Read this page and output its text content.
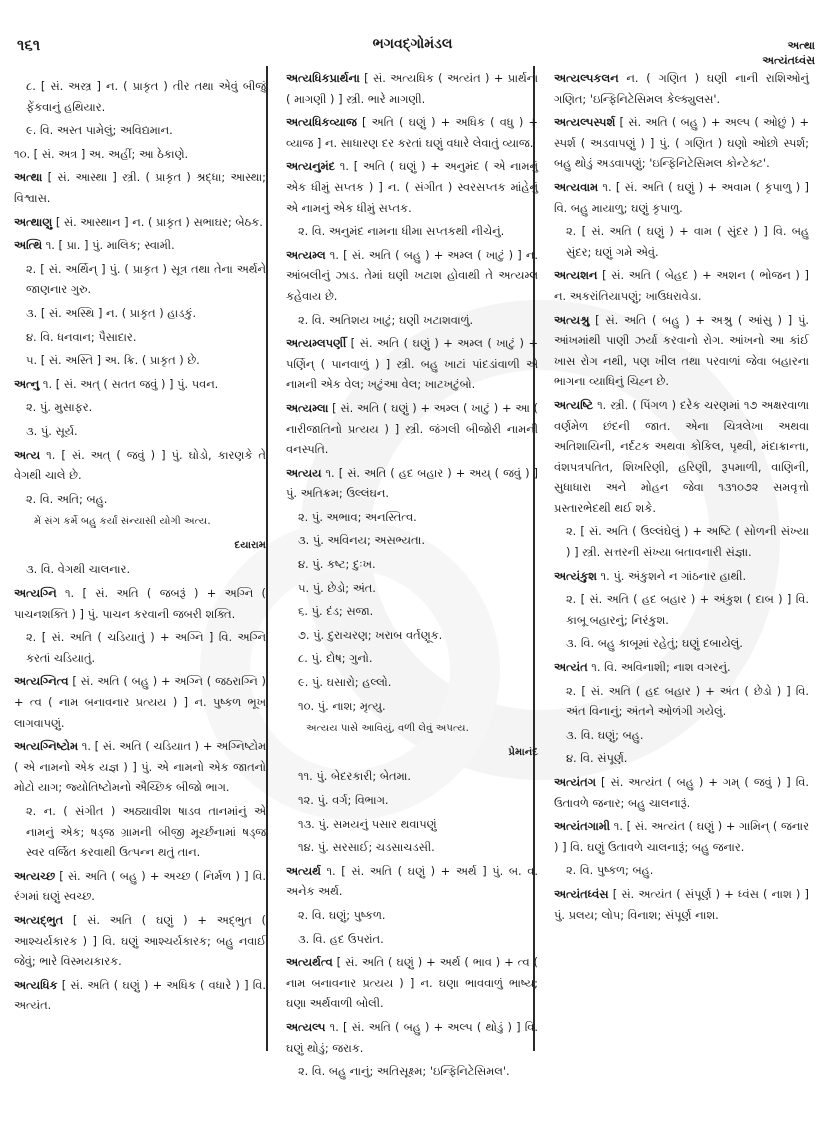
૧૬૧	ભગવદ્ગોમંડલ	અત્થા
અત્યંતધ્વંસ
૮. [ સં. અસ્ત્ર ] ન. ( પ્રાકૃત ) તીર તથા એવું બીજું ફેંકવાનું હથિયાર.
૯. વિ. અસ્ત પામેલું; અવિદ્યમાન.
૧૦. [ સં. અત્ર ] અ. અહીં; આ ઠેકાણે.
અત્થા [ સં. આસ્થા ] સ્ત્રી. ( પ્રાકૃત ) શ્રદ્ધા; આસ્થા; વિશ્વાસ.
અત્થાણુ [ સં. આસ્થાન ] ન. ( પ્રાકૃત ) સભાઘર; બેઠક.
અત્થિ ૧. [ પ્રા. ] પું. માલિક; સ્વામી.
૨. [ સં. અર્થિન્ ] પું. ( પ્રાકૃત ) સૂત્ર તથા તેના અર્થને જાણનાર ગુરુ.
૩. [ સં. અસ્થિ ] ન. ( પ્રાકૃત ) હાડકું.
૪. વિ. ધનવાન; પૈસાદાર.
૫. [ સં. અસ્તિ ] અ. ક્રિ. ( પ્રાકૃત ) છે.
અત્નુ ૧. [ સં. અત્ ( સતત જવું ) ] પું. પવન.
૨. પું. મુસાફર.
૩. પું. સૂર્ય.
અત્ય ૧. [ સં. અત્ ( જવું ) ] પું. ઘોડો, કારણકે તે વેગથી ચાલે છે.
૨. વિ. અતિ; બહુ.
મેં સંગ કર્મે બહુ કર્યાં સંન્યાસી યોગી અત્ય.
દયારામ
૩. વિ. વેગથી ચાલનાર.
અત્યગ્નિ ૧. [ સં. અતિ ( જબરૂં ) + અગ્નિ ( પાચનશક્તિ ) ] પું. પાચન કરવાની જબરી શક્તિ.
૨. [ સં. અતિ ( ચડિયાતું ) + અગ્નિ ] વિ. અગ્નિ કરતાં ચડિયાતું.
અત્યગ્નિત્વ [ સં. અતિ ( બહુ ) + અગ્નિ ( જઠરાગ્નિ ) + ત્વ ( નામ બનાવનાર પ્રત્યય ) ] ન. પુષ્કળ ભૂખ લાગવાપણું.
અત્યગ્નિષ્ટોમ ૧. [ સં. અતિ ( ચડિયાત ) + અગ્નિષ્ટોમ ( એ નામનો એક યજ્ઞ ) ] પું. એ નામનો એક જાતનો મોટો યાગ; જ્યોતિષ્ટોમનો ઐચ્છિક બીજો ભાગ.
૨. ન. ( સંગીત ) અઠ્યાવીશ ષાડવ તાનમાંનું એ નામનું એક; ષડ્જ ગ્રામની બીજી મૂર્ચ્છનામાં ષડ્જ સ્વર વર્જિત કરવાથી ઉત્પન્ન થતું તાન.
અત્યચ્છ [ સં. અતિ ( બહુ ) + અચ્છ ( નિર્મળ ) ] વિ. રંગમાં ઘણું સ્વચ્છ.
અત્યદ્ભુત [ સં. અતિ ( ઘણું ) + અદ્ભુત ( આશ્ચર્યકારક ) ] વિ. ઘણું આશ્ચર્યકારક; બહુ નવાઈ જેવું; ભારે વિસ્મયકારક.
અત્યધિક [ સં. અતિ ( ઘણું ) + અધિક ( વધારે ) ] વિ. અત્યંત.
અત્યધિકપ્રાર્થના [ સં. અત્યધિક ( અત્યંત ) + પ્રાર્થના ( માગણી ) ] સ્ત્રી. ભારે માગણી.
અત્યધિકવ્યાજ [ અતિ ( ઘણું ) + અધિક ( વધુ ) + વ્યાજ ] ન. સાધારણ દર કરતાં ઘણું વધારે લેવાતું વ્યાજ.
અત્યનુમંદ ૧. [ અતિ ( ઘણું ) + અનુમંદ ( એ નામનું એક ધીમું સપ્તક ) ] ન. ( સંગીત ) સ્વરસપ્તક માંહેનું એ નામનું એક ધીમું સપ્તક.
૨. વિ. અનુમંદ નામના ધીમા સપ્તકથી નીચેનું.
અત્યમ્લ ૧. [ સં. અતિ ( બહુ ) + અમ્લ ( ખાટું ) ] ન. આંબલીનું ઝાડ. તેમાં ઘણી ખટાશ હોવાથી તે અત્યમ્લ કહેવાય છે.
૨. વિ. અતિશય ખાટું; ઘણી ખટાશવાળું.
અત્યમ્લપર્ણી [ સં. અતિ ( ઘણું ) + અમ્લ ( ખાટું ) + પર્ણિન્ ( પાનવાળું ) ] સ્ત્રી. બહુ ખાટાં પાંદડાંવાળી એ નામની એક વેલ; ખટુંઆ વેલ; ખાટખટુંબો.
અત્યમ્લા [ સં. અતિ ( ઘણું ) + અમ્લ ( ખાટું ) + આ ( નારીજાતિનો પ્રત્યય ) ] સ્ત્રી. જંગલી બીજોરી નામની વનસ્પતિ.
અત્યય ૧. [ સં. અતિ ( હદ બહાર ) + અય્ ( જવું ) ] પું. અતિક્રમ; ઉલ્લંઘન.
૨. પું. અભાવ; અનસ્તિત્વ.
૩. પું. અવિનય; અસભ્યતા.
૪. પું. કષ્ટ; દુઃખ.
૫. પું. છેડો; અંત.
૬. પું. દંડ; સજા.
૭. પું. દુરાચરણ; ખરાબ વર્તણૂક.
૮. પું. દોષ; ગુનો.
૯. પું. ઘસારો; હલ્લો.
૧૦. પું. નાશ; મૃત્યુ.
અત્યય પાસે આવિયું, વળી લેવું અપત્ય.
પ્રેમાનંદ
૧૧. પું. બેદરકારી; બેતમા.
૧૨. પું. વર્ગ; વિભાગ.
૧૩. પું. સમયનું પસાર થવાપણું
૧૪. પું. સરસાઈ; ચડસાચડસી.
અત્યર્થ ૧. [ સં. અતિ ( ઘણું ) + અર્થ ] પું. બ. વ. અનેક અર્થ.
૨. વિ. ઘણું; પુષ્કળ.
૩. વિ. હદ ઉપરાંત.
અત્યર્થત્વ [ સં. અતિ ( ઘણું ) + અર્થ ( ભાવ ) + ત્વ ( નામ બનાવનાર પ્રત્યય ) ] ન. ઘણા ભાવવાળું ભાષ્ય; ઘણા અર્થવાળી બોલી.
અત્યલ્પ ૧. [ સં. અતિ ( બહુ ) + અલ્પ ( થોડું ) ] વિ. ઘણું થોડું; જરાક.
૨. વિ. બહુ નાનું; અતિસૂક્ષ્મ; 'ઇન્ફિનિટેસિમલ'.
અત્યલ્પકલન ન. ( ગણિત ) ઘણી નાની રાશિઓનું ગણિત; 'ઇન્ફિનિટેસિમલ કેલ્ક્યુલસ'.
અત્યલ્પસ્પર્શ [ સં. અતિ ( બહુ ) + અલ્પ ( ઓછું ) + સ્પર્શ ( અડવાપણું ) ] પું. ( ગણિત ) ઘણો ઓછો સ્પર્શ; બહુ થોડું અડવાપણું; 'ઇન્ફિનિટેસિમલ કોન્ટેક્ટ'.
અત્યવામ ૧. [ સં. અતિ ( ઘણું ) + અવામ ( કૃપાળુ ) ] વિ. બહુ માયાળુ; ઘણું કૃપાળુ.
૨. [ સં. અતિ ( ઘણું ) + વામ ( સુંદર ) ] વિ. બહુ સુંદર; ઘણું ગમે એવું.
અત્યશન [ સં. અતિ ( બેહદ ) + અશન ( ભોજન ) ] ન. અકરાંતિયાપણું; ખાઉધરાવેડા.
અત્યશ્રુ [ સં. અતિ ( બહુ ) + અશ્રુ ( આંસુ ) ] પું. આંખમાંથી પાણી ઝર્યા કરવાનો રોગ. આંખનો આ કાંઈ ખાસ રોગ નથી, પણ ખીલ તથા પરવાળાં જેવા બહારના ભાગના વ્યાધિનું ચિહ્ન છે.
અત્યષ્ટિ ૧. સ્ત્રી. ( પિંગળ ) દરેક ચરણમાં ૧૭ અક્ષરવાળા વર્ણમેળ છંદની જાત. એના ચિત્રલેખા અથવા અતિશાયિની, નર્દટક અથવા કોકિલ, પૃથ્વી, મંદાક્રાન્તા, વંશપત્રપતિત, શિખરિણી, હરિણી, રૂપમાળી, વાણિની, સુધાધારા અને મોહન જેવા ૧૩૧૦૭૨ સમવૃત્તો પ્રસ્તારભેદથી થઈ શકે.
૨. [ સં. અતિ ( ઉલ્લંઘેલું ) + અષ્ટિ ( સોળની સંખ્યા ) ] સ્ત્રી. સત્તરની સંખ્યા બતાવનારી સંજ્ઞા.
અત્યંકુશ ૧. પું. અંકુશને ન ગાંઠનાર હાથી.
૨. [ સં. અતિ ( હદ બહાર ) + અંકુશ ( દાબ ) ] વિ. કાબૂ બહારનું; નિરંકુશ.
૩. વિ. બહુ કાબૂમાં રહેતું; ઘણું દબાયેલું.
અત્યંત ૧. વિ. અવિનાશી; નાશ વગરનું.
૨. [ સં. અતિ ( હદ બહાર ) + અંત ( છેડો ) ] વિ. અંત વિનાનું; અંતને ઓળંગી ગયેલું.
૩. વિ. ઘણું; બહુ.
૪. વિ. સંપૂર્ણ.
અત્યંતગ [ સં. અત્યંત ( બહુ ) + ગમ્ ( જવું ) ] વિ. ઉતાવળે જનાર; બહુ ચાલનારૂં.
અત્યંતગામી ૧. [ સં. અત્યંત ( ઘણું ) + ગામિન્ ( જનાર ) ] વિ. ઘણું ઉતાવળે ચાલનારૂં; બહુ જનાર.
૨. વિ. પુષ્કળ; બહુ.
અત્યંતધ્વંસ [ સં. અત્યંત ( સંપૂર્ણ ) + ધ્વંસ ( નાશ ) ] પું. પ્રલય; લોપ; વિનાશ; સંપૂર્ણ નાશ.
